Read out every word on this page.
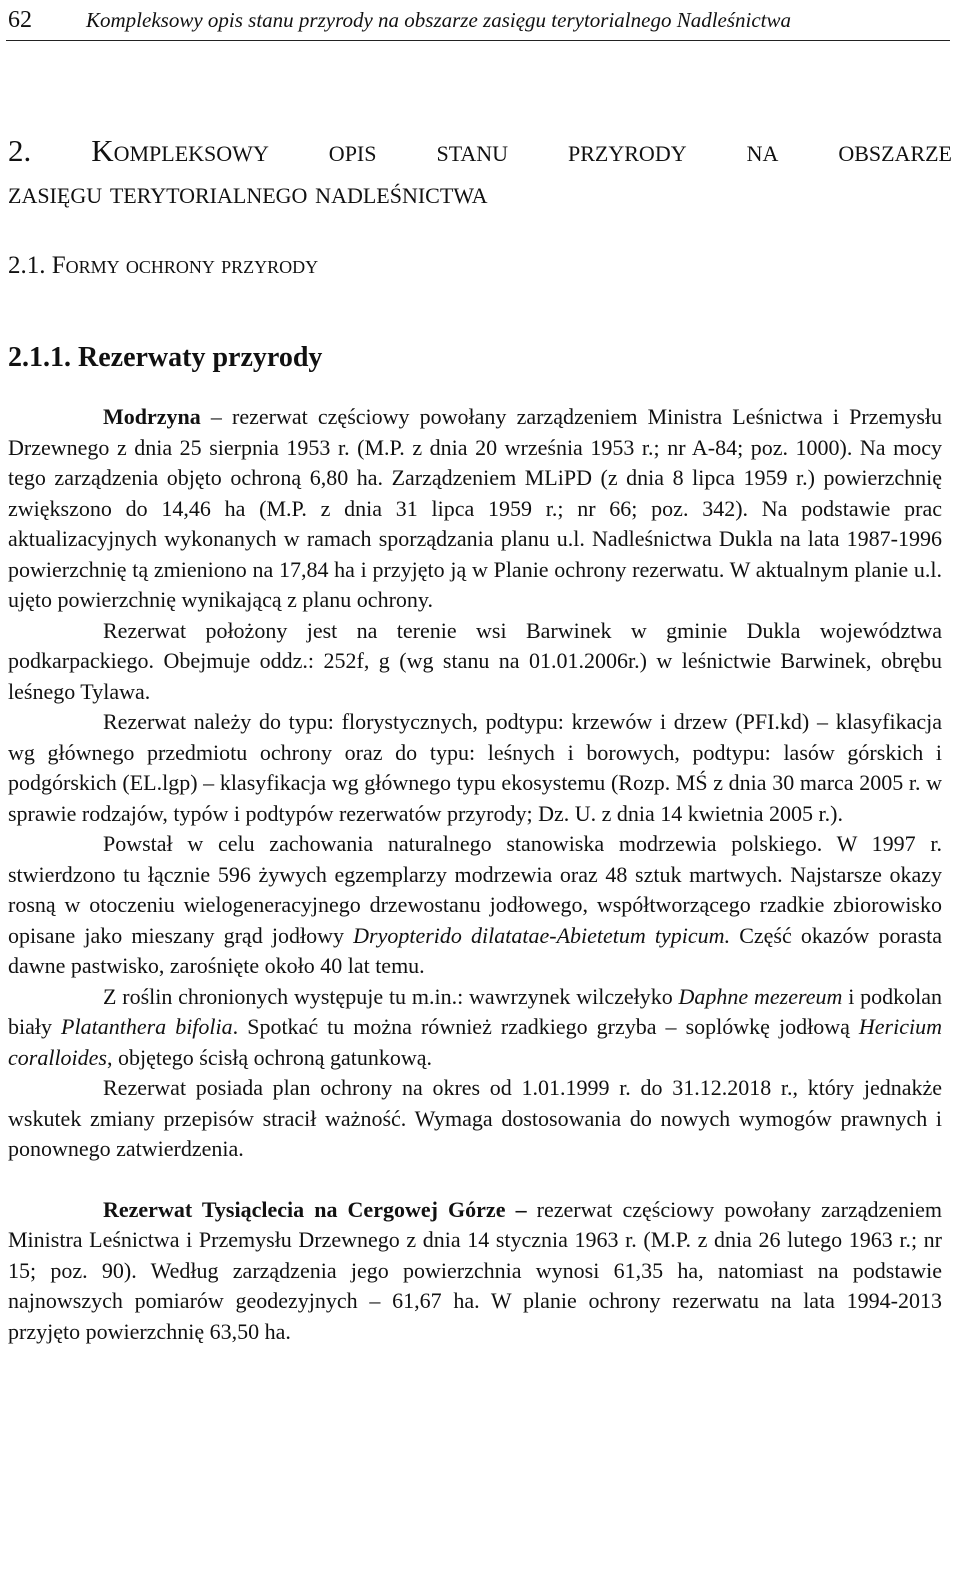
62	Kompleksowy opis stanu przyrody na obszarze zasięgu terytorialnego Nadleśnictwa
2. Kompleksowy opis stanu przyrody na obszarze
zasięgu terytorialnego nadleśnictwa
2.1. Formy ochrony przyrody
2.1.1. Rezerwaty przyrody

Modrzyna – rezerwat częściowy powołany zarządzeniem Ministra Leśnictwa i Przemysłu Drzewnego z dnia 25 sierpnia 1953 r. (M.P. z dnia 20 września 1953 r.; nr A-84; poz. 1000). Na mocy tego zarządzenia objęto ochroną 6,80 ha. Zarządzeniem MLiPD (z dnia 8 lipca 1959 r.) powierzchnię zwiększono do 14,46 ha (M.P. z dnia 31 lipca 1959 r.; nr 66; poz. 342). Na podstawie prac aktualizacyjnych wykonanych w ramach sporządzania planu u.l. Nadleśnictwa Dukla na lata 1987-1996 powierzchnię tą zmieniono na 17,84 ha i przyjęto ją w Planie ochrony rezerwatu. W aktualnym planie u.l. ujęto powierzchnię wynikającą z planu ochrony.

Rezerwat położony jest na terenie wsi Barwinek w gminie Dukla województwa podkarpackiego. Obejmuje oddz.: 252f, g (wg stanu na 01.01.2006r.) w leśnictwie Barwinek, obrębu leśnego Tylawa.

Rezerwat należy do typu: florystycznych, podtypu: krzewów i drzew (PFI.kd) – klasyfikacja wg głównego przedmiotu ochrony oraz do typu: leśnych i borowych, podtypu: lasów górskich i podgórskich (EL.lgp) – klasyfikacja wg głównego typu ekosystemu (Rozp. MŚ z dnia 30 marca 2005 r. w sprawie rodzajów, typów i podtypów rezerwatów przyrody; Dz. U. z dnia 14 kwietnia 2005 r.).

Powstał w celu zachowania naturalnego stanowiska modrzewia polskiego. W 1997 r. stwierdzono tu łącznie 596 żywych egzemplarzy modrzewia oraz 48 sztuk martwych. Najstarsze okazy rosną w otoczeniu wielogeneracyjnego drzewostanu jodłowego, współtworzącego rzadkie zbiorowisko opisane jako mieszany grąd jodłowy Dryopterido dilatatae-Abietetum typicum. Część okazów porasta dawne pastwisko, zarośnięte około 40 lat temu.

Z roślin chronionych występuje tu m.in.: wawrzynek wilczełyko Daphne mezereum i podkolan biały Platanthera bifolia. Spotkać tu można również rzadkiego grzyba – soplówkę jodłową Hericium coralloides, objętego ścisłą ochroną gatunkową.

Rezerwat posiada plan ochrony na okres od 1.01.1999 r. do 31.12.2018 r., który jednakże wskutek zmiany przepisów stracił ważność. Wymaga dostosowania do nowych wymogów prawnych i ponownego zatwierdzenia.

Rezerwat Tysiąclecia na Cergowej Górze – rezerwat częściowy powołany zarządzeniem Ministra Leśnictwa i Przemysłu Drzewnego z dnia 14 stycznia 1963 r. (M.P. z dnia 26 lutego 1963 r.; nr 15; poz. 90). Według zarządzenia jego powierzchnia wynosi 61,35 ha, natomiast na podstawie najnowszych pomiarów geodezyjnych – 61,67 ha. W planie ochrony rezerwatu na lata 1994-2013 przyjęto powierzchnię 63,50 ha.
